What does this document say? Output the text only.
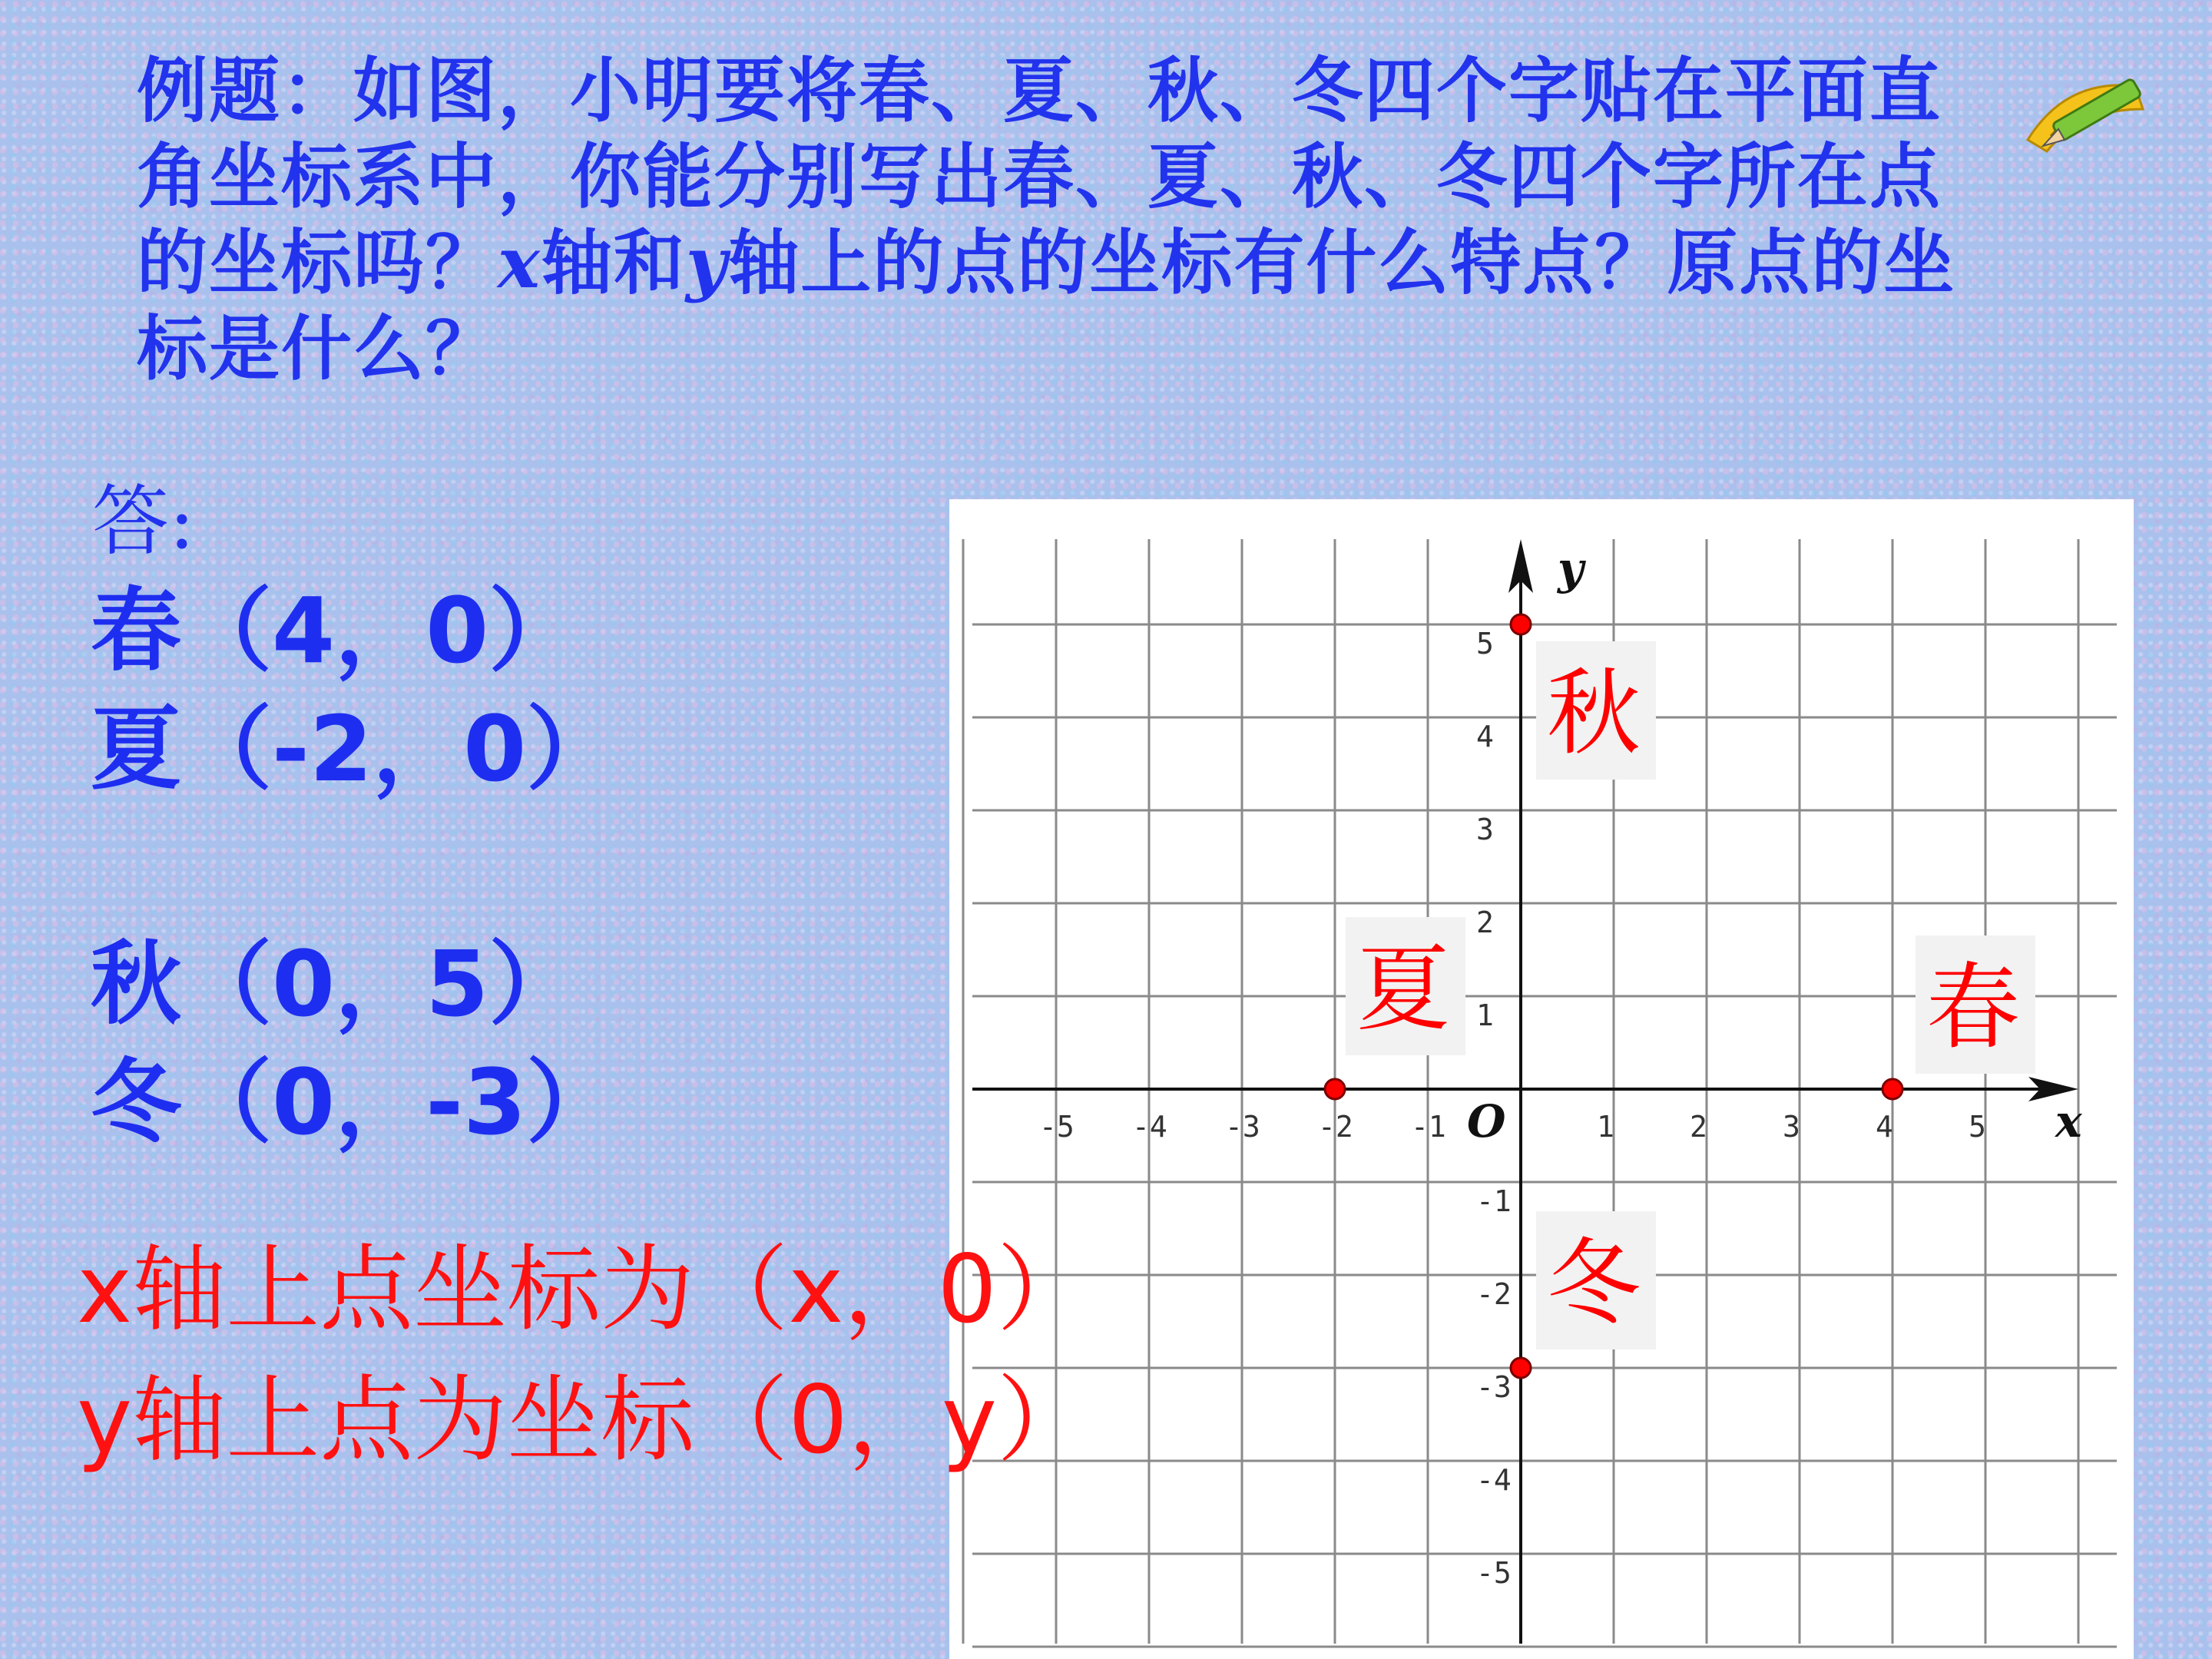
例题：如图，小明要将春、夏、秋、冬四个字贴在平面直角坐标系中，你能分别写出春、夏、秋、冬四个字所在点的坐标吗？x轴和y轴上的点的坐标有什么特点？原点的坐标是什么？

答:
春（4，0）
夏（-2，0）
秋（0，5）
冬（0，-3）	-5 -4 -3 -2 -1	1	2	3	4	5
5
4
3
2
1
-1
-2
-3
-4
-5
O	x
y
春
夏
秋
冬
x轴上点坐标为（x，0）
y轴上点为坐标（0，y）
